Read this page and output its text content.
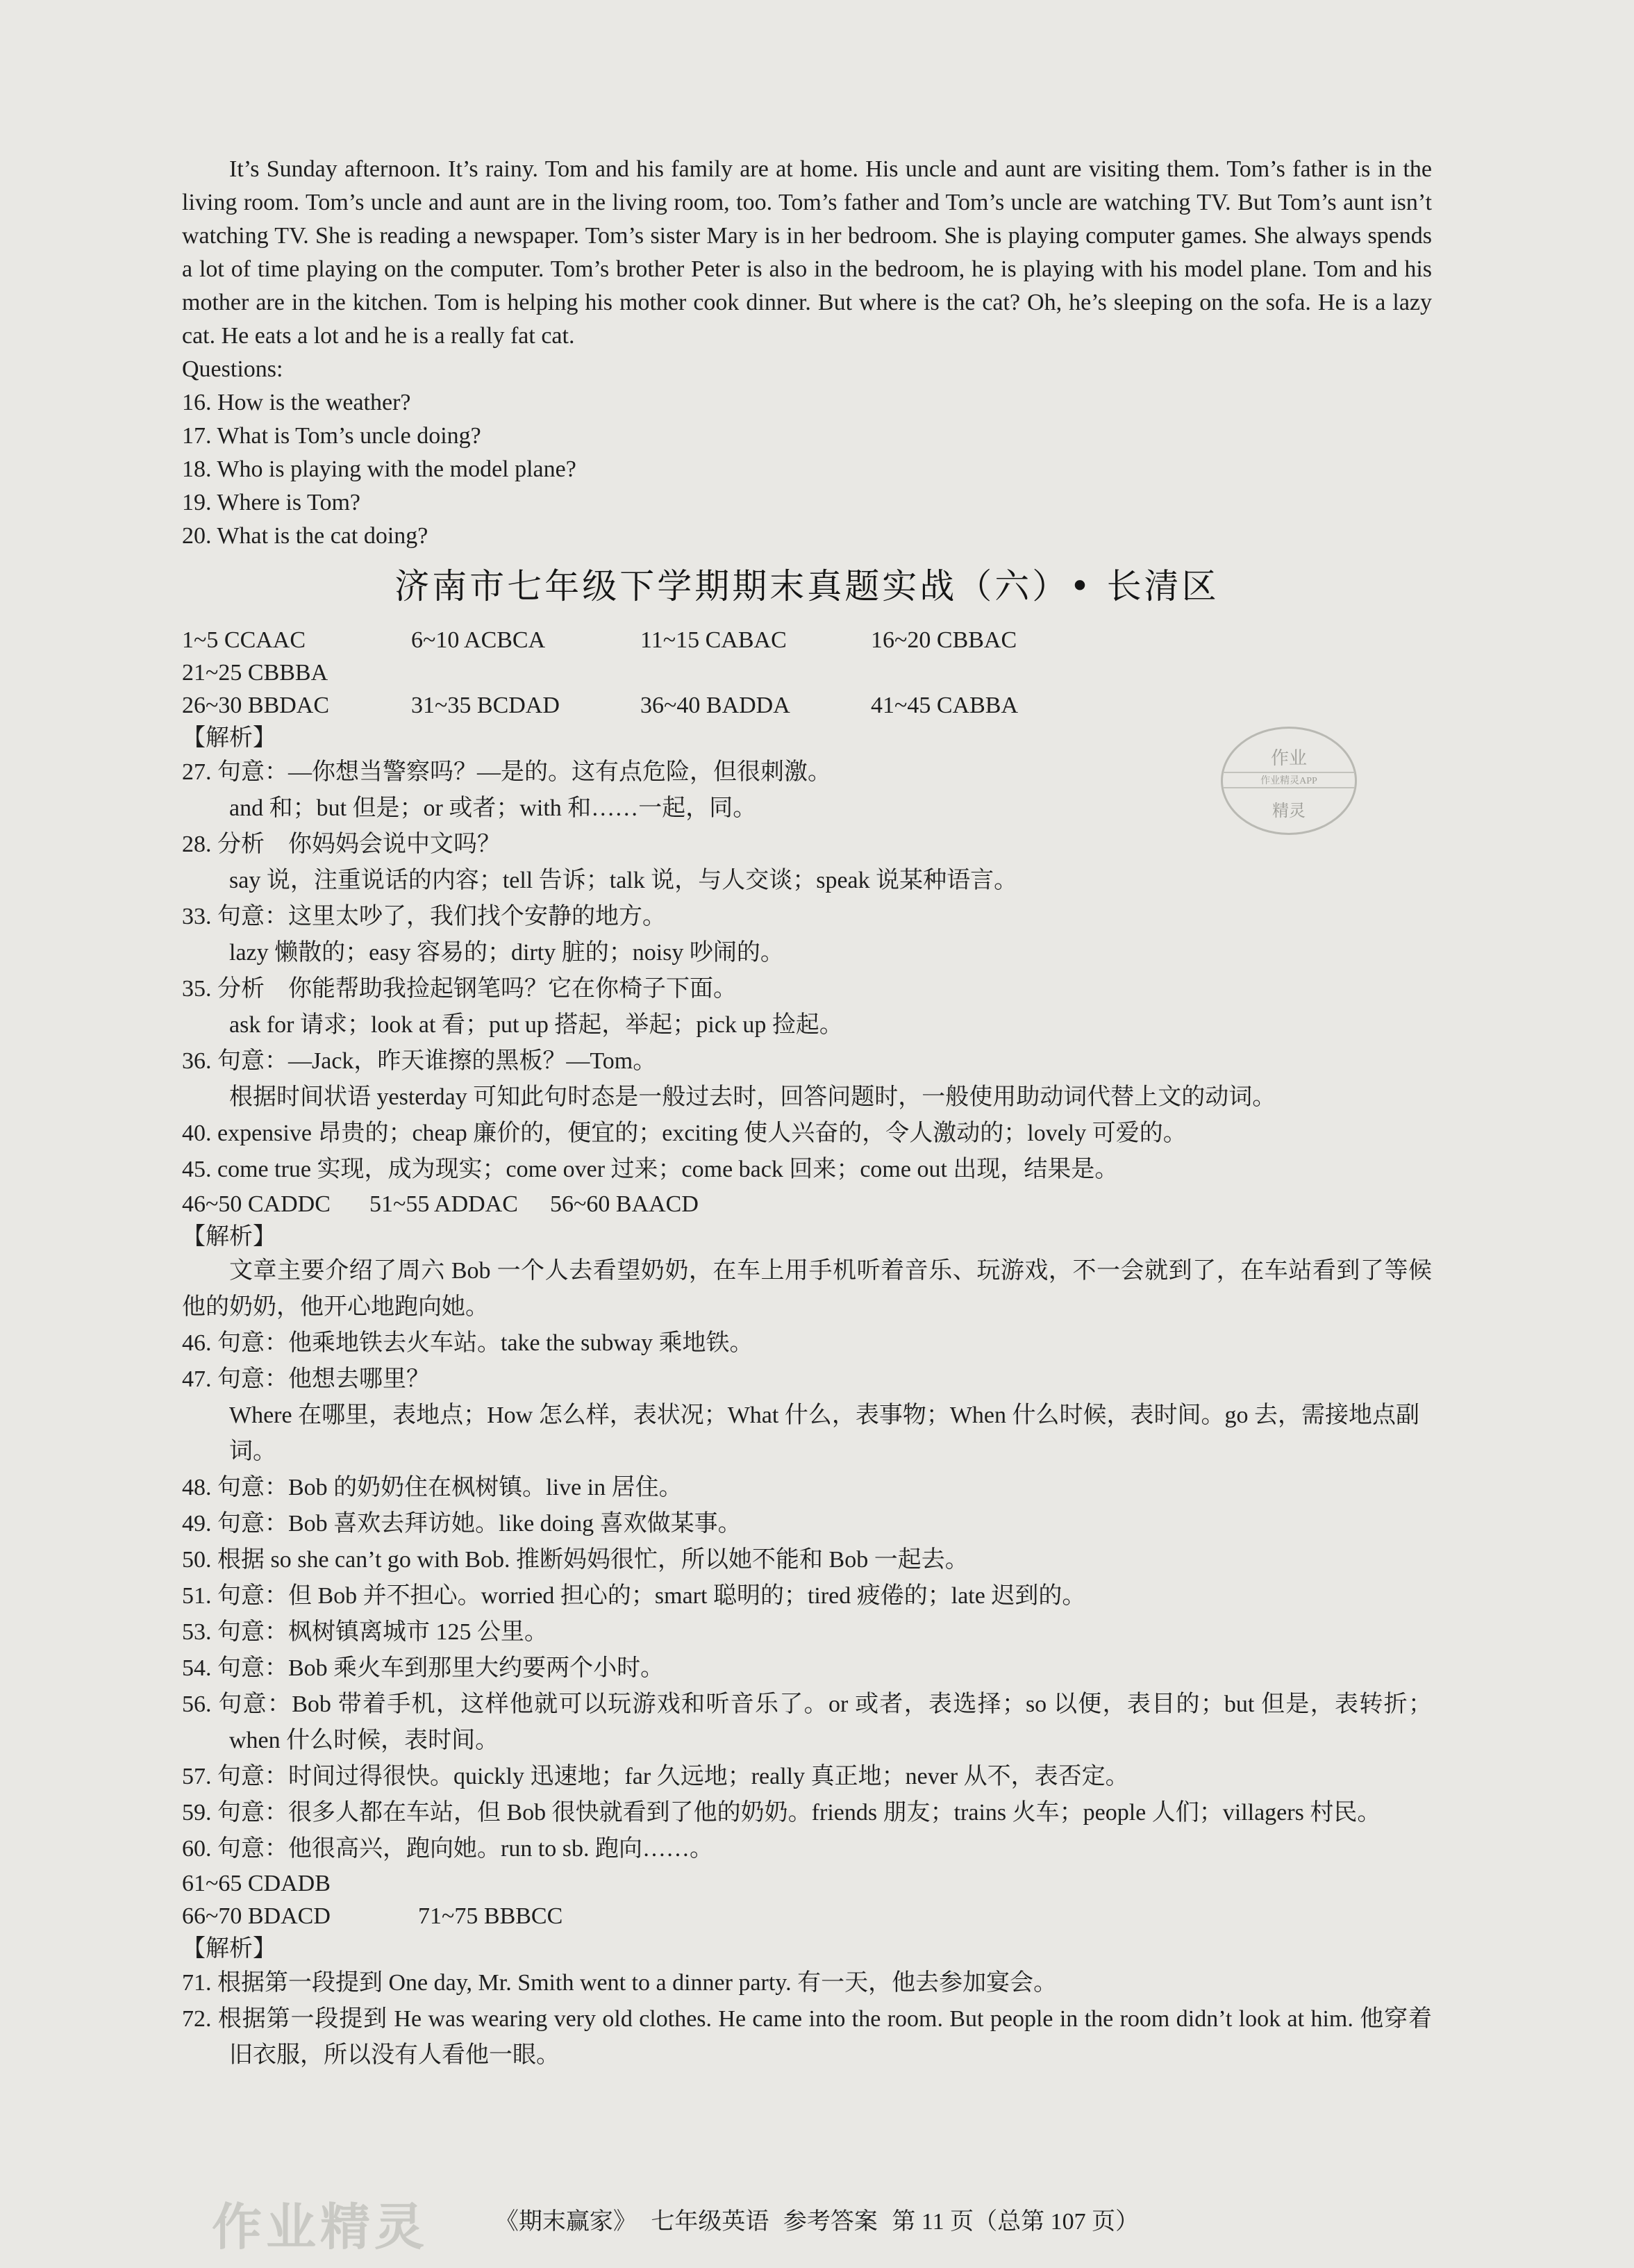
It’s Sunday afternoon. It’s rainy. Tom and his family are at home. His uncle and aunt are visiting them. Tom’s father is in the living room. Tom’s uncle and aunt are in the living room, too. Tom’s father and Tom’s uncle are watching TV. But Tom’s aunt isn’t watching TV. She is reading a newspaper. Tom’s sister Mary is in her bedroom. She is playing computer games. She always spends a lot of time playing on the computer. Tom’s brother Peter is also in the bedroom, he is playing with his model plane. Tom and his mother are in the kitchen. Tom is helping his mother cook dinner. But where is the cat? Oh, he’s sleeping on the sofa. He is a lazy cat. He eats a lot and he is a really fat cat.

Questions:
16. How is the weather?
17. What is Tom’s uncle doing?
18. Who is playing with the model plane?
19. Where is Tom?
20. What is the cat doing?
济南市七年级下学期期末真题实战（六）• 长清区
1~5 CCAAC	6~10 ACBCA	11~15 CABAC	16~20 CBBAC
21~25 CBBBA
26~30 BBDAC	31~35 BCDAD	36~40 BADDA	41~45 CABBA
【解析】
27. 句意：—你想当警察吗？—是的。这有点危险，但很刺激。
and 和；but 但是；or 或者；with 和……一起，同。
28. 分析　你妈妈会说中文吗？
say 说，注重说话的内容；tell 告诉；talk 说，与人交谈；speak 说某种语言。
33. 句意：这里太吵了，我们找个安静的地方。
lazy 懒散的；easy 容易的；dirty 脏的；noisy 吵闹的。
35. 分析　你能帮助我捡起钢笔吗？它在你椅子下面。
ask for 请求；look at 看；put up 搭起，举起；pick up 捡起。
36. 句意：—Jack，昨天谁擦的黑板？—Tom。
根据时间状语 yesterday 可知此句时态是一般过去时，回答问题时，一般使用助动词代替上文的动词。
40. expensive 昂贵的；cheap 廉价的，便宜的；exciting 使人兴奋的，令人激动的；lovely 可爱的。
45. come true 实现，成为现实；come over 过来；come back 回来；come out 出现，结果是。
46~50 CADDC 51~55 ADDAC 56~60 BAACD
【解析】
文章主要介绍了周六 Bob 一个人去看望奶奶，在车上用手机听着音乐、玩游戏，不一会就到了，在车站看到了等候他的奶奶，他开心地跑向她。
46. 句意：他乘地铁去火车站。take the subway 乘地铁。
47. 句意：他想去哪里？
Where 在哪里，表地点；How 怎么样，表状况；What 什么，表事物；When 什么时候，表时间。go 去，需接地点副词。
48. 句意：Bob 的奶奶住在枫树镇。live in 居住。
49. 句意：Bob 喜欢去拜访她。like doing 喜欢做某事。
50. 根据 so she can’t go with Bob. 推断妈妈很忙，所以她不能和 Bob 一起去。
51. 句意：但 Bob 并不担心。worried 担心的；smart 聪明的；tired 疲倦的；late 迟到的。
53. 句意：枫树镇离城市 125 公里。
54. 句意：Bob 乘火车到那里大约要两个小时。
56. 句意：Bob 带着手机，这样他就可以玩游戏和听音乐了。or 或者，表选择；so 以便，表目的；but 但是，表转折；when 什么时候，表时间。
57. 句意：时间过得很快。quickly 迅速地；far 久远地；really 真正地；never 从不，表否定。
59. 句意：很多人都在车站，但 Bob 很快就看到了他的奶奶。friends 朋友；trains 火车；people 人们；villagers 村民。
60. 句意：他很高兴，跑向她。run to sb. 跑向……。
61~65 CDADB
66~70 BDACD	71~75 BBBCC
【解析】
71. 根据第一段提到 One day, Mr. Smith went to a dinner party. 有一天，他去参加宴会。
72. 根据第一段提到 He was wearing very old clothes. He came into the room. But people in the room didn’t look at him. 他穿着旧衣服，所以没有人看他一眼。
作业
作业精灵APP
精灵
作业精灵	《期末赢家》 七年级英语 参考答案 第 11 页（总第 107 页）
